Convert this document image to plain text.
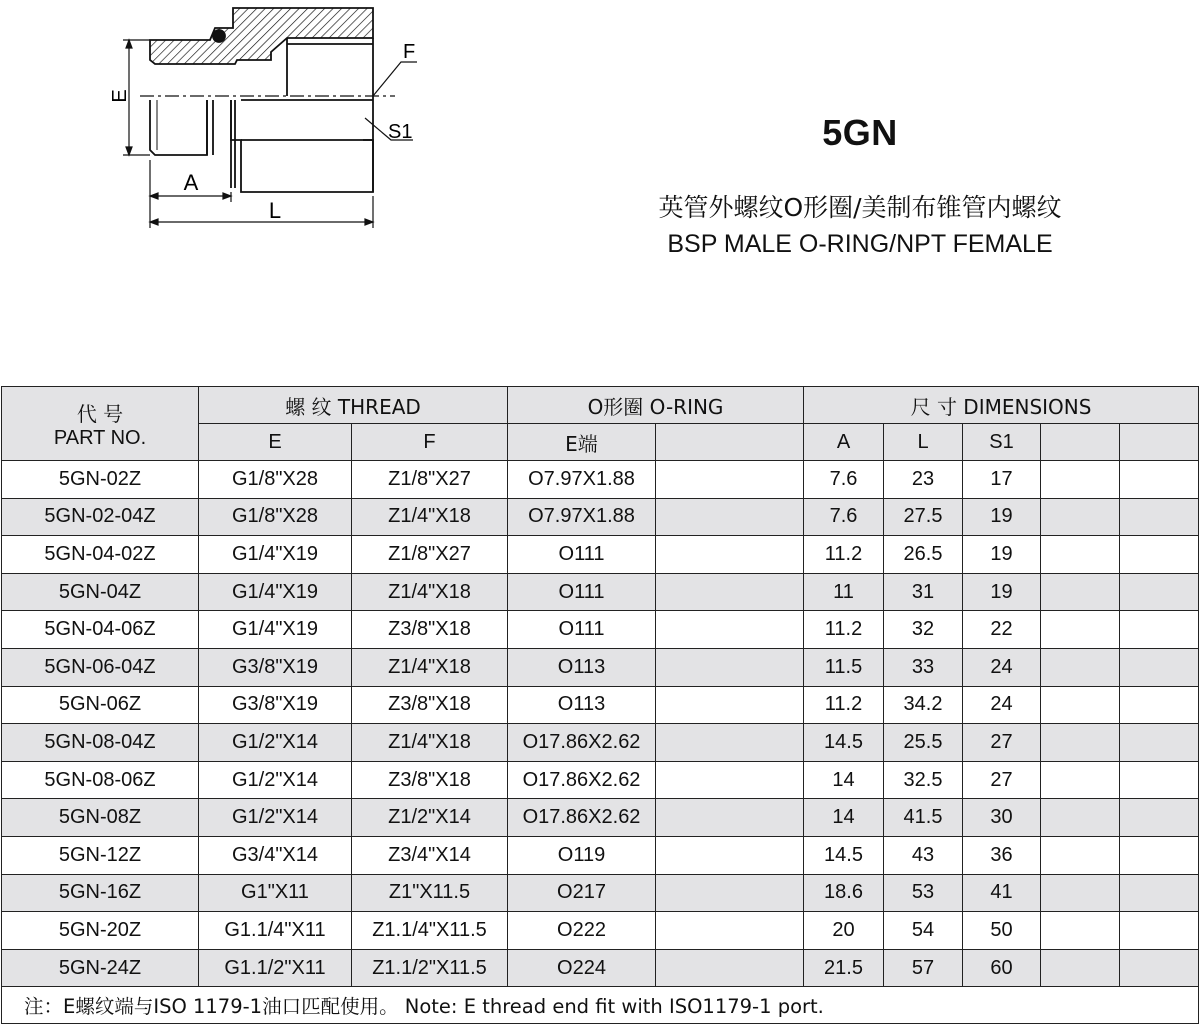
E
F
S1
A
L
5GN
英管外螺纹O形圈/美制布锥管内螺纹
BSP MALE O-RING/NPT FEMALE
代 号
PART NO.	螺 纹 THREAD		O形圈 O-RING		尺 寸 DIMENSIONS				
	E	F	E端		A	L	S1		
5GN-02Z	G1/8"X28	Z1/8"X27	O7.97X1.88		7.6	23	17		
5GN-02-04Z	G1/8"X28	Z1/4"X18	O7.97X1.88		7.6	27.5	19		
5GN-04-02Z	G1/4"X19	Z1/8"X27	O111		11.2	26.5	19		
5GN-04Z	G1/4"X19	Z1/4"X18	O111		11	31	19		
5GN-04-06Z	G1/4"X19	Z3/8"X18	O111		11.2	32	22		
5GN-06-04Z	G3/8"X19	Z1/4"X18	O113		11.5	33	24		
5GN-06Z	G3/8"X19	Z3/8"X18	O113		11.2	34.2	24		
5GN-08-04Z	G1/2"X14	Z1/4"X18	O17.86X2.62		14.5	25.5	27		
5GN-08-06Z	G1/2"X14	Z3/8"X18	O17.86X2.62		14	32.5	27		
5GN-08Z	G1/2"X14	Z1/2"X14	O17.86X2.62		14	41.5	30		
5GN-12Z	G3/4"X14	Z3/4"X14	O119		14.5	43	36		
5GN-16Z	G1"X11	Z1"X11.5	O217		18.6	53	41		
5GN-20Z	G1.1/4"X11	Z1.1/4"X11.5	O222		20	54	50		
5GN-24Z	G1.1/2"X11	Z1.1/2"X11.5	O224		21.5	57	60		
注：E螺纹端与ISO 1179-1油口匹配使用。 Note: E thread end fit with ISO1179-1 port.									
